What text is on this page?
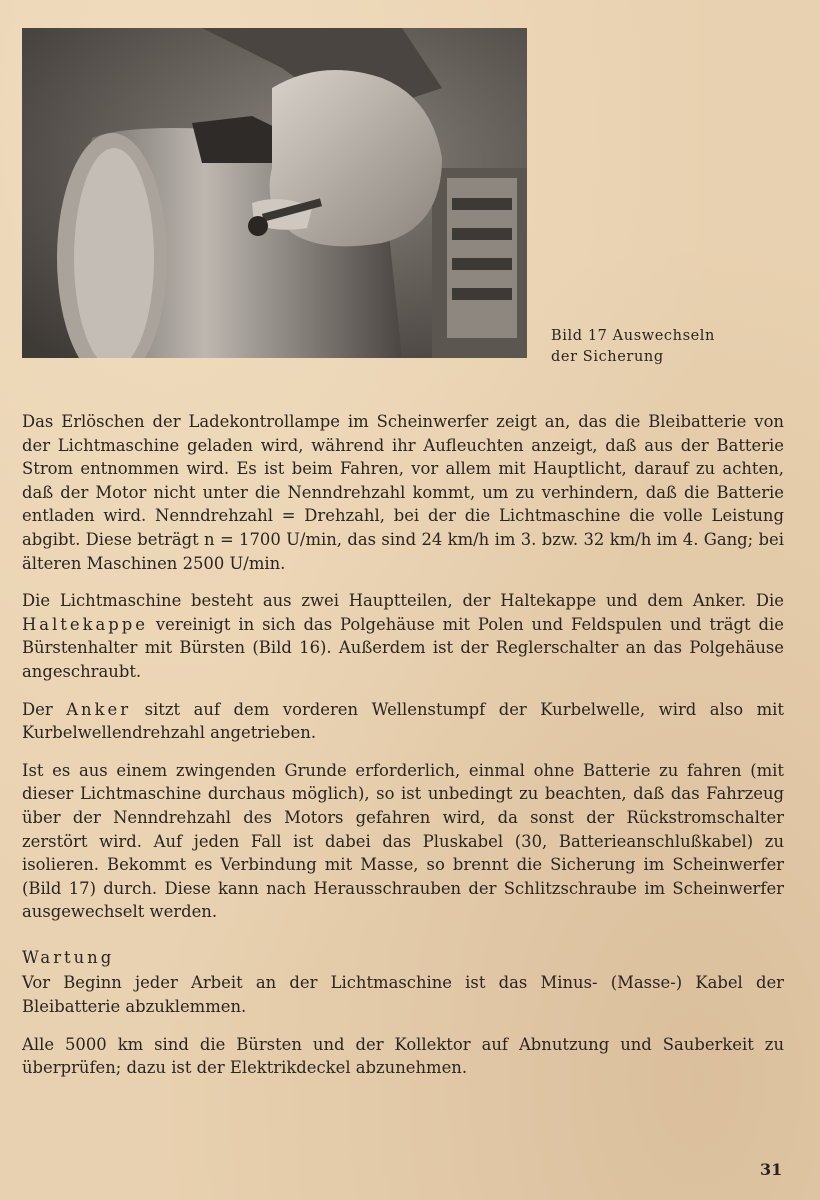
Bild 17 Auswechseln
der Sicherung

Das Erlöschen der Ladekontrollampe im Scheinwerfer zeigt an, das die Bleibatterie von der Lichtmaschine geladen wird, während ihr Aufleuchten anzeigt, daß aus der Batterie Strom entnommen wird. Es ist beim Fahren, vor allem mit Hauptlicht, darauf zu achten, daß der Motor nicht unter die Nenndrehzahl kommt, um zu verhindern, daß die Batterie entladen wird. Nenndrehzahl = Drehzahl, bei der die Lichtmaschine die volle Leistung abgibt. Diese beträgt n = 1700 U/min, das sind 24 km/h im 3. bzw. 32 km/h im 4. Gang; bei älteren Maschinen 2500 U/min.

Die Lichtmaschine besteht aus zwei Hauptteilen, der Haltekappe und dem Anker. Die Haltekappe vereinigt in sich das Polgehäuse mit Polen und Feldspulen und trägt die Bürstenhalter mit Bürsten (Bild 16). Außerdem ist der Reglerschalter an das Polgehäuse angeschraubt.

Der Anker sitzt auf dem vorderen Wellenstumpf der Kurbelwelle, wird also mit Kurbelwellendrehzahl angetrieben.

Ist es aus einem zwingenden Grunde erforderlich, einmal ohne Batterie zu fahren (mit dieser Lichtmaschine durchaus möglich), so ist unbedingt zu beachten, daß das Fahrzeug über der Nenndrehzahl des Motors gefahren wird, da sonst der Rückstromschalter zerstört wird. Auf jeden Fall ist dabei das Pluskabel (30, Batterieanschlußkabel) zu isolieren. Bekommt es Verbindung mit Masse, so brennt die Sicherung im Scheinwerfer (Bild 17) durch. Diese kann nach Herausschrauben der Schlitzschraube im Scheinwerfer ausgewechselt werden.

Wartung

Vor Beginn jeder Arbeit an der Lichtmaschine ist das Minus- (Masse-) Kabel der Bleibatterie abzuklemmen.

Alle 5000 km sind die Bürsten und der Kollektor auf Abnutzung und Sauberkeit zu überprüfen; dazu ist der Elektrikdeckel abzunehmen.

31
